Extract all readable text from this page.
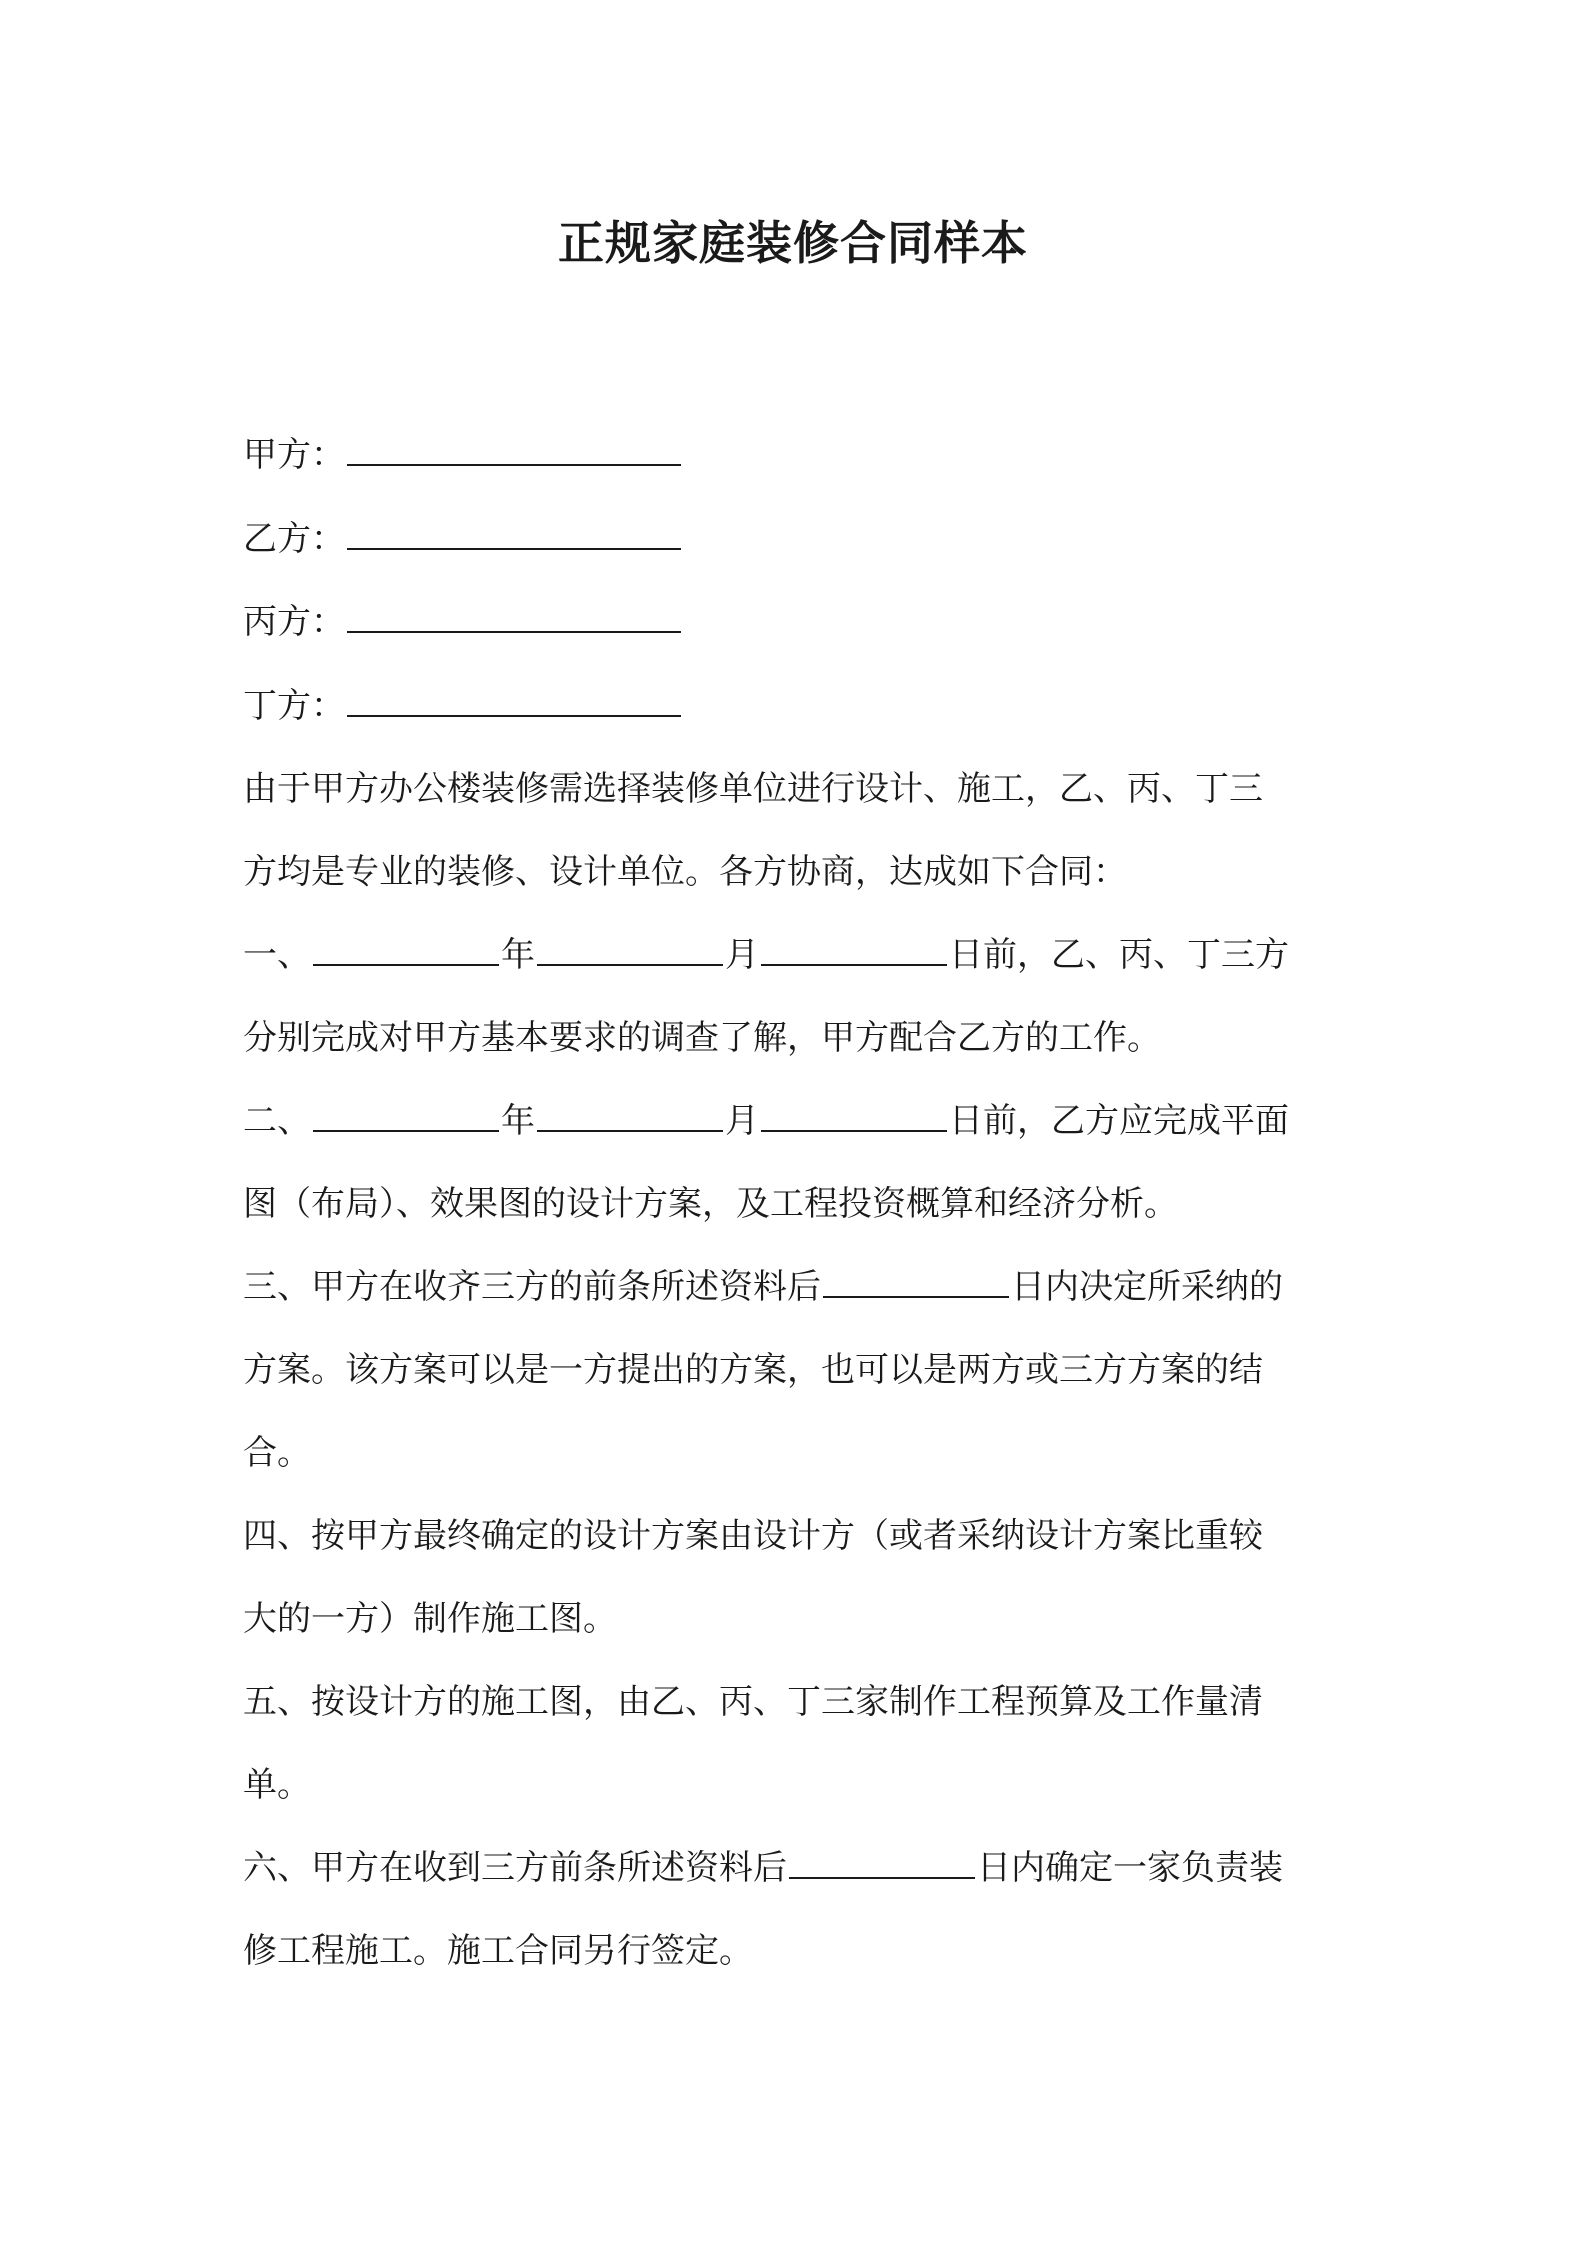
正规家庭装修合同样本
甲方：
乙方：
丙方：
丁方：
由于甲方办公楼装修需选择装修单位进行设计、施工，乙、丙、丁三
方均是专业的装修、设计单位。各方协商，达成如下合同：
一、	年	月	日前，乙、丙、丁三方
分别完成对甲方基本要求的调查了解，甲方配合乙方的工作。
二、	年	月	日前，乙方应完成平面
图（布局）、效果图的设计方案，及工程投资概算和经济分析。
三、甲方在收齐三方的前条所述资料后	日内决定所采纳的
方案。该方案可以是一方提出的方案，也可以是两方或三方方案的结
合。
四、按甲方最终确定的设计方案由设计方（或者采纳设计方案比重较
大的一方）制作施工图。
五、按设计方的施工图，由乙、丙、丁三家制作工程预算及工作量清
单。
六、甲方在收到三方前条所述资料后	日内确定一家负责装
修工程施工。施工合同另行签定。
